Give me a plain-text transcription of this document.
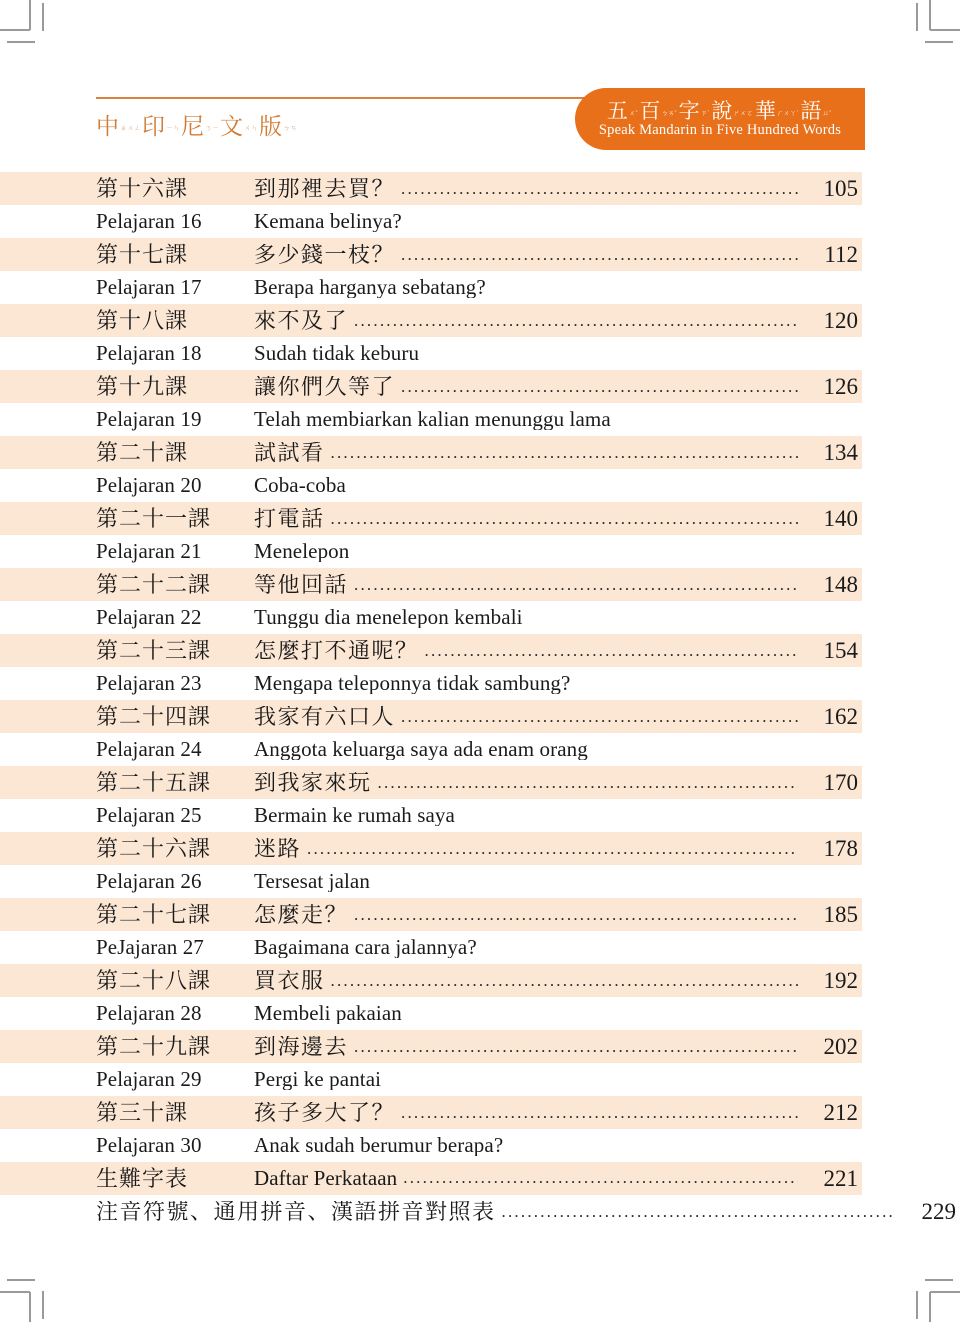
中ㄓㄨㄥ印ㄧㄣ尼ㄋㄧ文ㄨㄣ版ㄅㄢ
五ㄨˇ百ㄅㄞˇ字ㄗˋ說ㄕㄨㄛ華ㄏㄨㄚˊ語ㄩˇ
Speak Mandarin in Five Hundred Words
第十六課	到那裡去買？ .....	105
Pelajaran 16	Kemana belinya?
第十七課	多少錢一枝？ .....	112
Pelajaran 17	Berapa harganya sebatang?
第十八課	來不及了 .....	120
Pelajaran 18	Sudah tidak keburu
第十九課	讓你們久等了 .....	126
Pelajaran 19	Telah membiarkan kalian menunggu lama
第二十課	試試看 .....	134
Pelajaran 20	Coba-coba
第二十一課	打電話 .....	140
Pelajaran 21	Menelepon
第二十二課	等他回話 .....	148
Pelajaran 22	Tunggu dia menelepon kembali
第二十三課	怎麼打不通呢？ .....	154
Pelajaran 23	Mengapa teleponnya tidak sambung?
第二十四課	我家有六口人 .....	162
Pelajaran 24	Anggota keluarga saya ada enam orang
第二十五課	到我家來玩 .....	170
Pelajaran 25	Bermain ke rumah saya
第二十六課	迷路 .....	178
Pelajaran 26	Tersesat jalan
第二十七課	怎麼走？ .....	185
PeJajaran 27	Bagaimana cara jalannya?
第二十八課	買衣服 .....	192
Pelajaran 28	Membeli pakaian
第二十九課	到海邊去 .....	202
Pelajaran 29	Pergi ke pantai
第三十課	孩子多大了？ .....	212
Pelajaran 30	Anak sudah berumur berapa?
生難字表	Daftar Perkataan .....	221
注音符號、通用拼音、漢語拼音對照表 .....	229
